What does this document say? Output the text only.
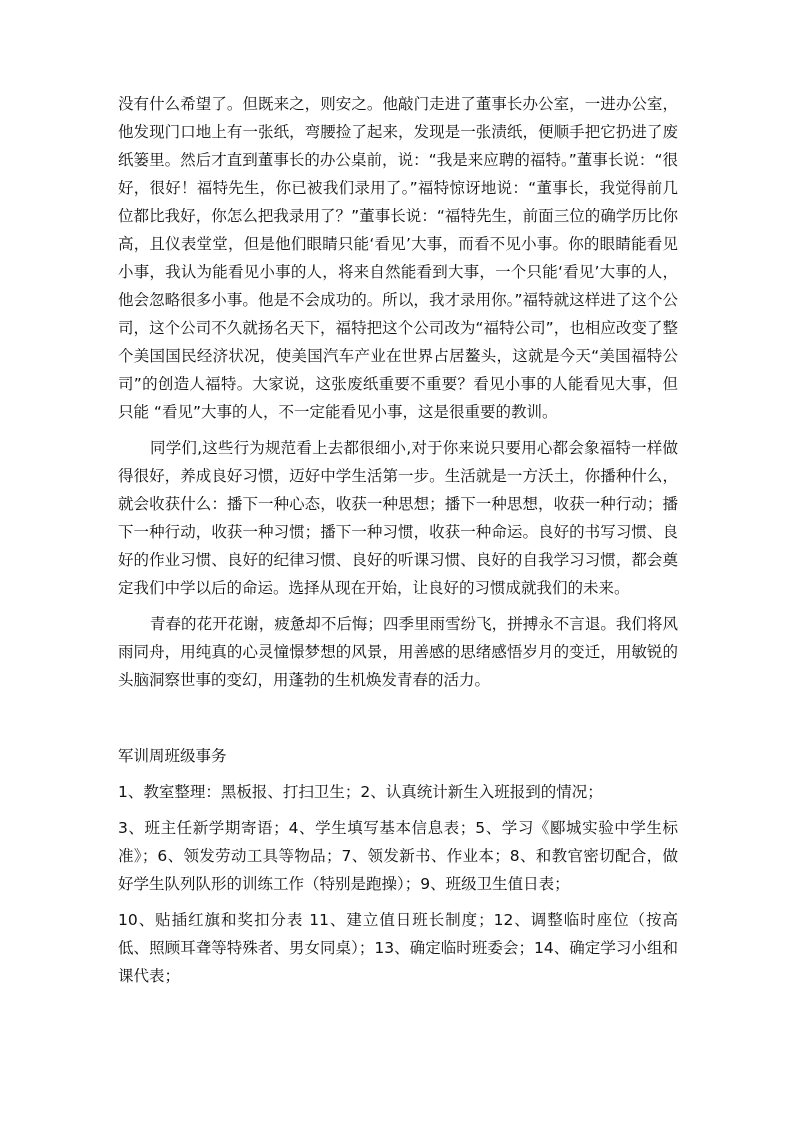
没有什么希望了。但既来之，则安之。他敲门走进了董事长办公室，一进办公室，他发现门口地上有一张纸，弯腰捡了起来，发现是一张渍纸，便顺手把它扔进了废纸篓里。然后才直到董事长的办公桌前，说：“我是来应聘的福特。”董事长说：“很好，很好！福特先生，你已被我们录用了。”福特惊讶地说：“董事长，我觉得前几位都比我好，你怎么把我录用了？”董事长说：“福特先生，前面三位的确学历比你高，且仪表堂堂，但是他们眼睛只能‘看见’大事，而看不见小事。你的眼睛能看见小事，我认为能看见小事的人，将来自然能看到大事，一个只能‘看见’大事的人，他会忽略很多小事。他是不会成功的。所以，我才录用你。”福特就这样进了这个公司，这个公司不久就扬名天下，福特把这个公司改为“福特公司”，也相应改变了整个美国国民经济状况，使美国汽车产业在世界占居鳌头，这就是今天“美国福特公司”的创造人福特。大家说，这张废纸重要不重要？看见小事的人能看见大事，但只能 “看见”大事的人，不一定能看见小事，这是很重要的教训。

同学们,这些行为规范看上去都很细小,对于你来说只要用心都会象福特一样做得很好，养成良好习惯，迈好中学生活第一步。生活就是一方沃土，你播种什么，就会收获什么：播下一种心态，收获一种思想；播下一种思想，收获一种行动；播下一种行动，收获一种习惯；播下一种习惯，收获一种命运。良好的书写习惯、良好的作业习惯、良好的纪律习惯、良好的听课习惯、良好的自我学习习惯，都会奠定我们中学以后的命运。选择从现在开始，让良好的习惯成就我们的未来。

青春的花开花谢，疲惫却不后悔；四季里雨雪纷飞，拼搏永不言退。我们将风雨同舟，用纯真的心灵憧憬梦想的风景，用善感的思绪感悟岁月的变迁，用敏锐的头脑洞察世事的变幻，用蓬勃的生机焕发青春的活力。

军训周班级事务

1、教室整理：黑板报、打扫卫生；2、认真统计新生入班报到的情况；

3、班主任新学期寄语；4、学生填写基本信息表；5、学习《郾城实验中学生标准》；6、领发劳动工具等物品；7、领发新书、作业本；8、和教官密切配合，做好学生队列队形的训练工作（特别是跑操）；9、班级卫生值日表；

10、贴插红旗和奖扣分表 11、建立值日班长制度；12、调整临时座位（按高低、照顾耳聋等特殊者、男女同桌）；13、确定临时班委会；14、确定学习小组和课代表；
